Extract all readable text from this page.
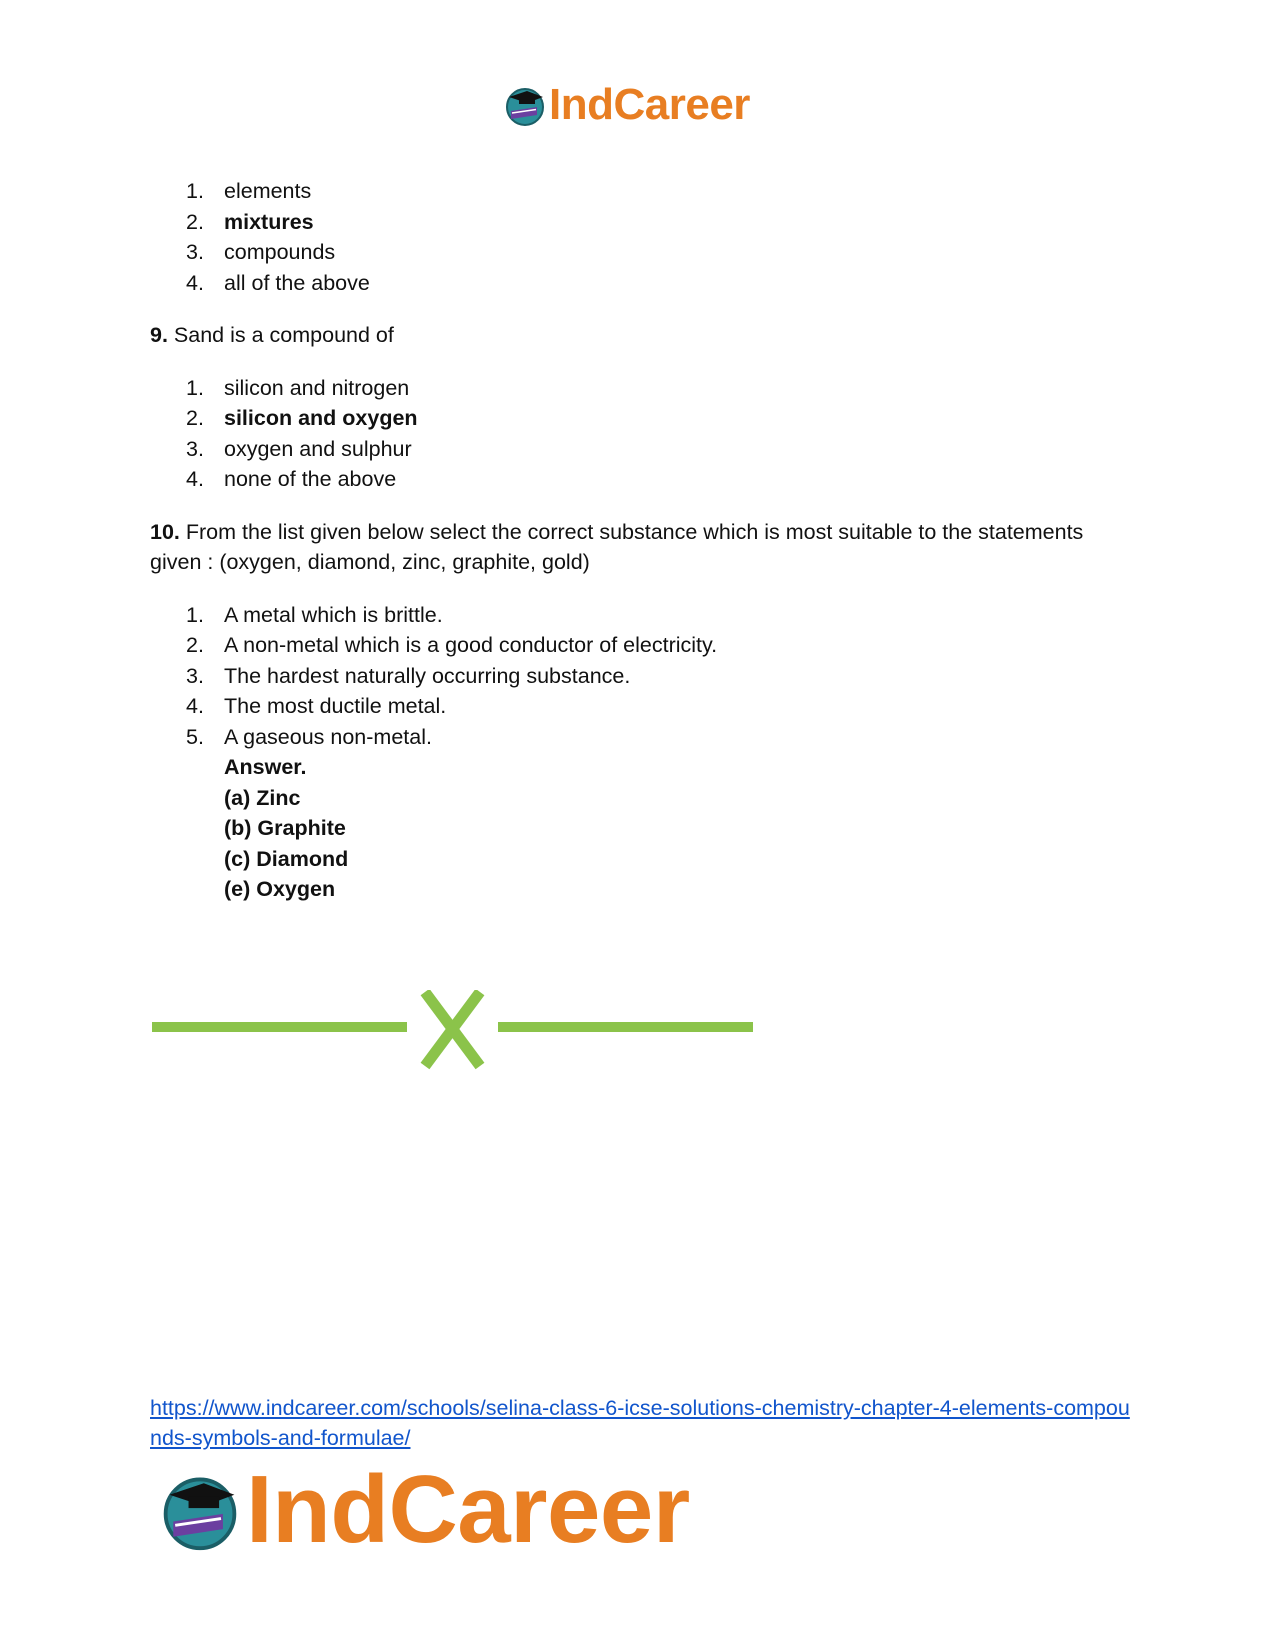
IndCareer
1. elements
2. mixtures
3. compounds
4. all of the above
9. Sand is a compound of
1. silicon and nitrogen
2. silicon and oxygen
3. oxygen and sulphur
4. none of the above
10. From the list given below select the correct substance which is most suitable to the statements given : (oxygen, diamond, zinc, graphite, gold)
1. A metal which is brittle.
2. A non-metal which is a good conductor of electricity.
3. The hardest naturally occurring substance.
4. The most ductile metal.
5. A gaseous non-metal.
Answer.
(a) Zinc
(b) Graphite
(c) Diamond
(e) Oxygen
https://www.indcareer.com/schools/selina-class-6-icse-solutions-chemistry-chapter-4-elements-compounds-symbols-and-formulae/
IndCareer
